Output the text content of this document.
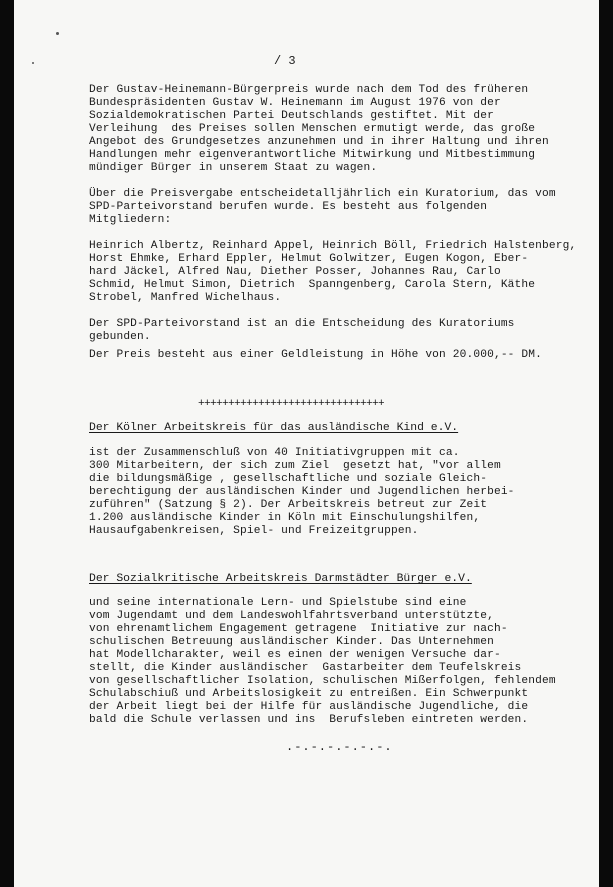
/ 3
Der Gustav-Heinemann-Bürgerpreis wurde nach dem Tod des früheren
Bundespräsidenten Gustav W. Heinemann im August 1976 von der
Sozialdemokratischen Partei Deutschlands gestiftet. Mit der
Verleihung  des Preises sollen Menschen ermutigt werde, das große
Angebot des Grundgesetzes anzunehmen und in ihrer Haltung und ihren
Handlungen mehr eigenverantwortliche Mitwirkung und Mitbestimmung
mündiger Bürger in unserem Staat zu wagen.
Über die Preisvergabe entscheidetalljährlich ein Kuratorium, das vom
SPD-Parteivorstand berufen wurde. Es besteht aus folgenden
Mitgliedern:
Heinrich Albertz, Reinhard Appel, Heinrich Böll, Friedrich Halstenberg,
Horst Ehmke, Erhard Eppler, Helmut Golwitzer, Eugen Kogon, Eber-
hard Jäckel, Alfred Nau, Diether Posser, Johannes Rau, Carlo
Schmid, Helmut Simon, Dietrich  Spanngenberg, Carola Stern, Käthe
Strobel, Manfred Wichelhaus.
Der SPD-Parteivorstand ist an die Entscheidung des Kuratoriums
gebunden.
Der Preis besteht aus einer Geldleistung in Höhe von 20.000,-- DM.
+++++++++++++++++++++++++++++++
Der Kölner Arbeitskreis für das ausländische Kind e.V.
ist der Zusammenschluß von 40 Initiativgruppen mit ca.
300 Mitarbeitern, der sich zum Ziel  gesetzt hat, "vor allem
die bildungsmäßige , gesellschaftliche und soziale Gleich-
berechtigung der ausländischen Kinder und Jugendlichen herbei-
zuführen" (Satzung § 2). Der Arbeitskreis betreut zur Zeit
1.200 ausländische Kinder in Köln mit Einschulungshilfen,
Hausaufgabenkreisen, Spiel- und Freizeitgruppen.
Der Sozialkritische Arbeitskreis Darmstädter Bürger e.V.
und seine internationale Lern- und Spielstube sind eine
vom Jugendamt und dem Landeswohlfahrtsverband unterstützte,
von ehrenamtlichem Engagement getragene  Initiative zur nach-
schulischen Betreuung ausländischer Kinder. Das Unternehmen
hat Modellcharakter, weil es einen der wenigen Versuche dar-
stellt, die Kinder ausländischer  Gastarbeiter dem Teufelskreis
von gesellschaftlicher Isolation, schulischen Mißerfolgen, fehlendem
Schulabschiuß und Arbeitslosigkeit zu entreißen. Ein Schwerpunkt
der Arbeit liegt bei der Hilfe für ausländische Jugendliche, die
bald die Schule verlassen und ins  Berufsleben eintreten werden.
.-.-.-.-.-.-.
